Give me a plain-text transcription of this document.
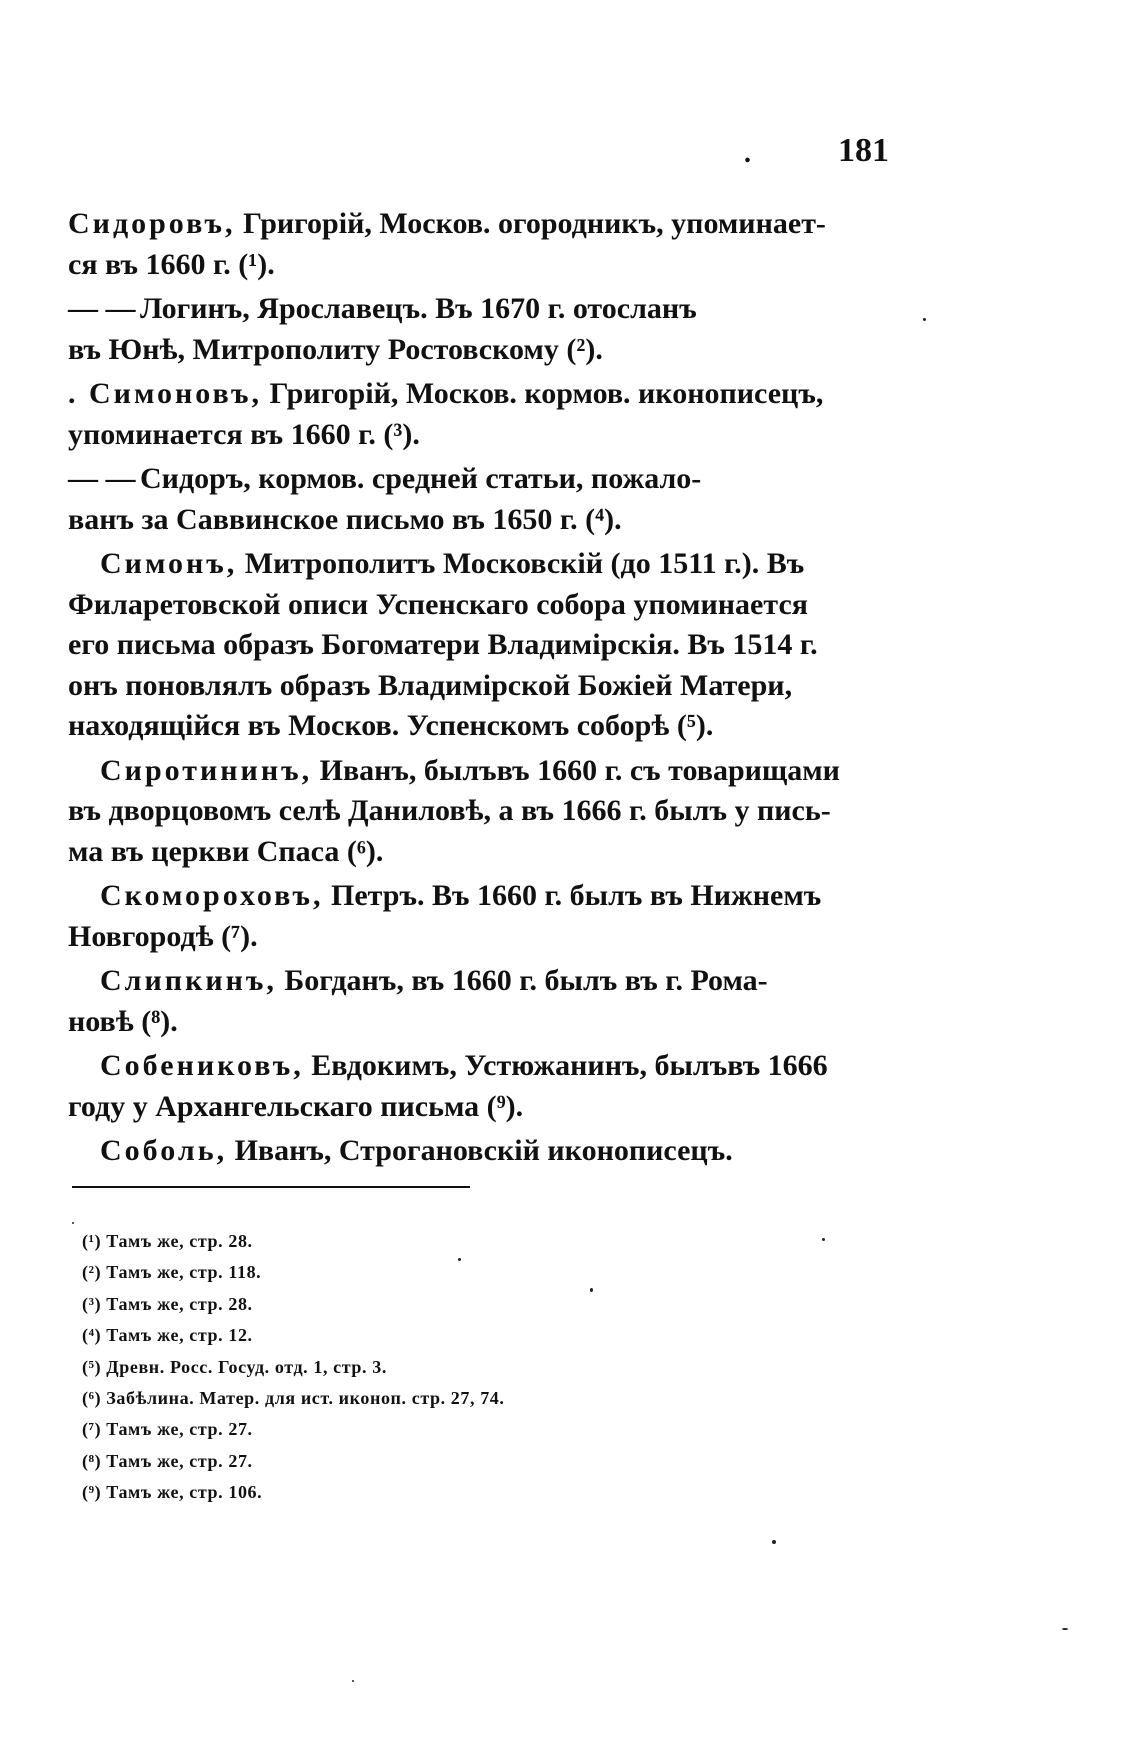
.	181
Сидоровъ, Григорій, Москов. огородникъ, упоминает-
ся въ 1660 г. (¹).
— — Логинъ, Ярославецъ. Въ 1670 г. отосланъ
въ Юнѣ, Митрополиту Ростовскому (²).
. Симоновъ, Григорій, Москов. кормов. иконописецъ,
упоминается въ 1660 г. (³).
— — Сидоръ, кормов. средней статьи, пожало-
ванъ за Саввинское письмо въ 1650 г. (⁴).
Симонъ, Митрополитъ Московскій (до 1511 г.). Въ
Филаретовской описи Успенскаго собора упоминается
его письма образъ Богоматери Владимірскія. Въ 1514 г.
онъ поновлялъ образъ Владимірской Божіей Матери,
находящійся въ Москов. Успенскомъ соборѣ (⁵).
Сиротининъ, Иванъ, былъвъ 1660 г. съ товарищами
въ дворцовомъ селѣ Даниловѣ, а въ 1666 г. былъ у пись-
ма въ церкви Спаса (⁶).
Скомороховъ, Петръ. Въ 1660 г. былъ въ Нижнемъ
Новгородѣ (⁷).
Слипкинъ, Богданъ, въ 1660 г. былъ въ г. Рома-
новѣ (⁸).
Собениковъ, Евдокимъ, Устюжанинъ, былъвъ 1666
году у Архангельскаго письма (⁹).
Соболь, Иванъ, Строгановскій иконописецъ.
(¹) Тамъ же, стр. 28.
(²) Тамъ же, стр. 118.
(³) Тамъ же, стр. 28.
(⁴) Тамъ же, стр. 12.
(⁵) Древн. Росс. Госуд. отд. 1, стр. 3.
(⁶) Забѣлина. Матер. для ист. иконоп. стр. 27, 74.
(⁷) Тамъ же, стр. 27.
(⁸) Тамъ же, стр. 27.
(⁹) Тамъ же, стр. 106.
